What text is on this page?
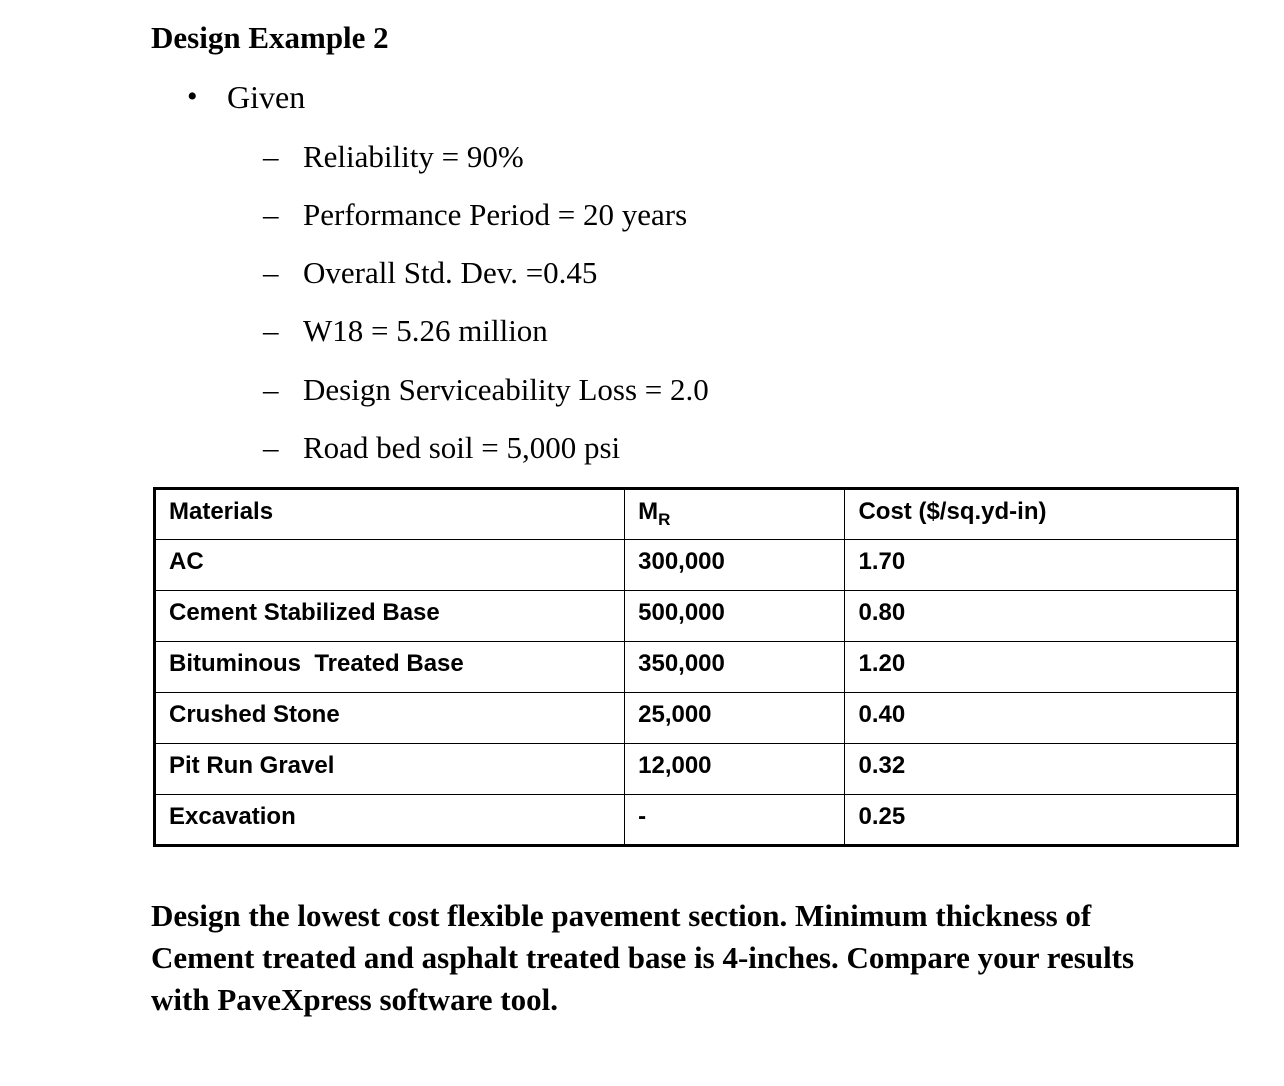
Design Example 2
• Given
– Reliability = 90%
– Performance Period = 20 years
– Overall Std. Dev. =0.45
– W18 = 5.26 million
– Design Serviceability Loss = 2.0
– Road bed soil = 5,000 psi
Materials	$M_R$	Cost ($/sq.yd-in)
AC	300,000	1.70
Cement Stabilized Base	500,000	0.80
Bituminous  Treated Base	350,000	1.20
Crushed Stone	25,000	0.40
Pit Run Gravel	12,000	0.32
Excavation	-	0.25
Design the lowest cost flexible pavement section. Minimum thickness of Cement treated and asphalt treated base is 4-inches. Compare your results with PaveXpress software tool.
